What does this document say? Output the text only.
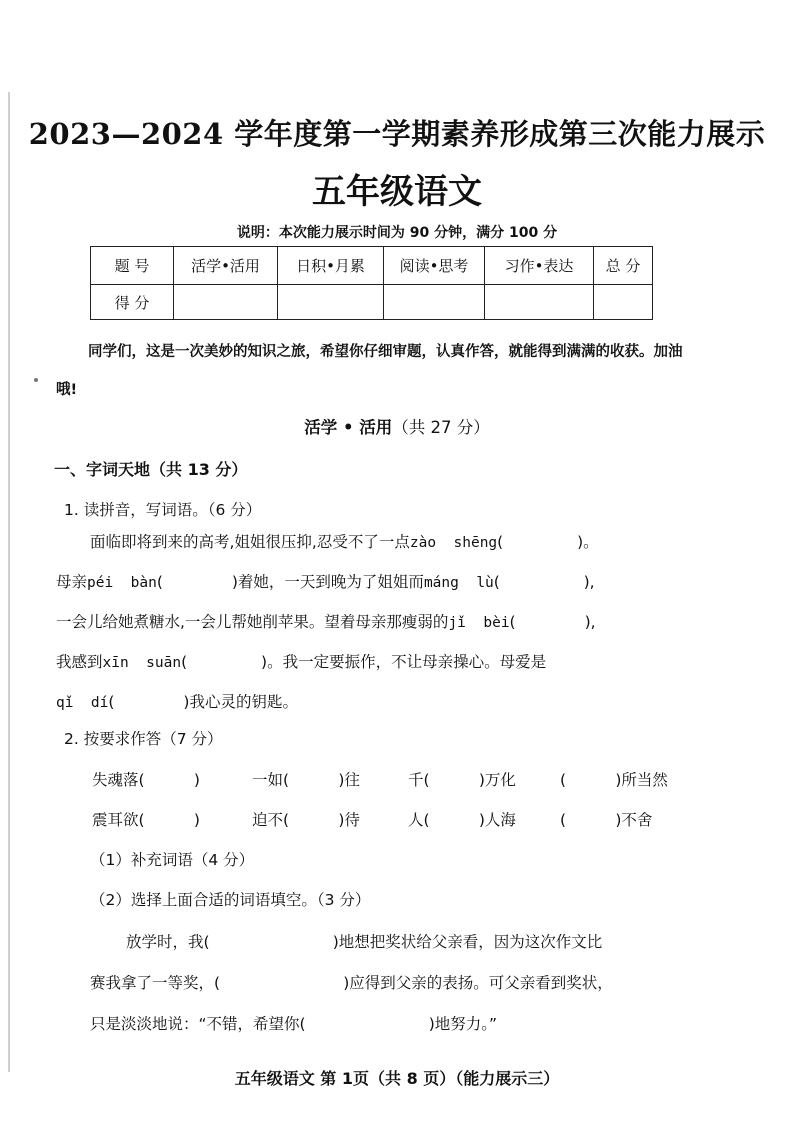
2023—2024 学年度第一学期素养形成第三次能力展示
五年级语文
说明：本次能力展示时间为 90 分钟，满分 100 分
题 号	活学•活用	日积•月累	阅读•思考	习作•表达	总 分
得 分					
同学们，这是一次美妙的知识之旅，希望你仔细审题，认真作答，就能得到满满的收获。加油哦!
活学 • 活用（共 27 分）
一、字词天地（共 13 分）
1. 读拼音，写词语。（6 分）
面临即将到来的高考,姐姐很压抑,忍受不了一点zào  shēng(               )。
母亲péi  bàn(              )着她，一天到晚为了姐姐而máng  lù(                 ),
一会儿给她煮糖水,一会儿帮她削苹果。望着母亲那瘦弱的jǐ  bèi(              ),
我感到xīn  suān(               )。我一定要振作，不让母亲操心。母爱是
qǐ  dí(              )我心灵的钥匙。
2. 按要求作答（7 分）
失魂落(          )	一如(          )往	千(          )万化	(          )所当然
震耳欲(          )	迫不(          )待	人(          )人海	(          )不舍
（1）补充词语（4 分）
（2）选择上面合适的词语填空。（3 分）
放学时，我(                         )地想把奖状给父亲看，因为这次作文比
赛我拿了一等奖，(                         )应得到父亲的表扬。可父亲看到奖状，
只是淡淡地说：“不错，希望你(                         )地努力。”
五年级语文 第 1页（共 8 页）（能力展示三）
